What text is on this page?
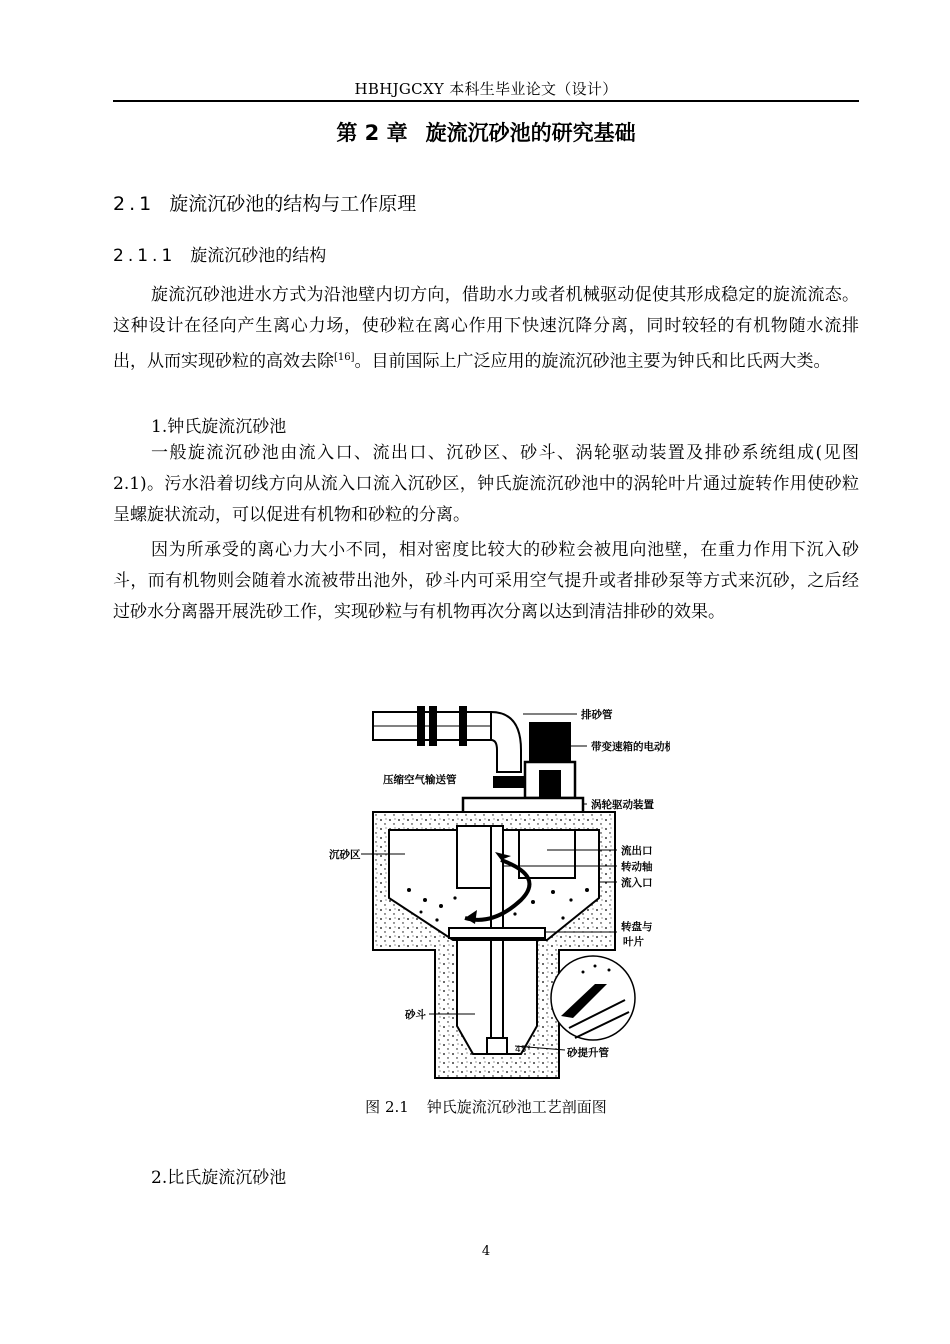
HBHJGCXY 本科生毕业论文（设计）
第 2 章 旋流沉砂池的研究基础
2.1 旋流沉砂池的结构与工作原理
2.1.1 旋流沉砂池的结构
旋流沉砂池进水方式为沿池壁内切方向，借助水力或者机械驱动促使其形成稳定的旋流流态。这种设计在径向产生离心力场，使砂粒在离心作用下快速沉降分离，同时较轻的有机物随水流排出，从而实现砂粒的高效去除[16]。目前国际上广泛应用的旋流沉砂池主要为钟氏和比氏两大类。
1.钟氏旋流沉砂池
一般旋流沉砂池由流入口、流出口、沉砂区、砂斗、涡轮驱动装置及排砂系统组成(见图 2.1)。污水沿着切线方向从流入口流入沉砂区，钟氏旋流沉砂池中的涡轮叶片通过旋转作用使砂粒呈螺旋状流动，可以促进有机物和砂粒的分离。
因为所承受的离心力大小不同，相对密度比较大的砂粒会被甩向池壁，在重力作用下沉入砂斗，而有机物则会随着水流被带出池外，砂斗内可采用空气提升或者排砂泵等方式来沉砂，之后经过砂水分离器开展洗砂工作，实现砂粒与有机物再次分离以达到清洁排砂的效果。
排砂管
带变速箱的电动机
压缩空气输送管
涡轮驱动装置
沉砂区	流出口
转动轴
流入口
转盘与
叶片
砂斗
砂提升管
45°
图 2.1 钟氏旋流沉砂池工艺剖面图
2.比氏旋流沉砂池
4
